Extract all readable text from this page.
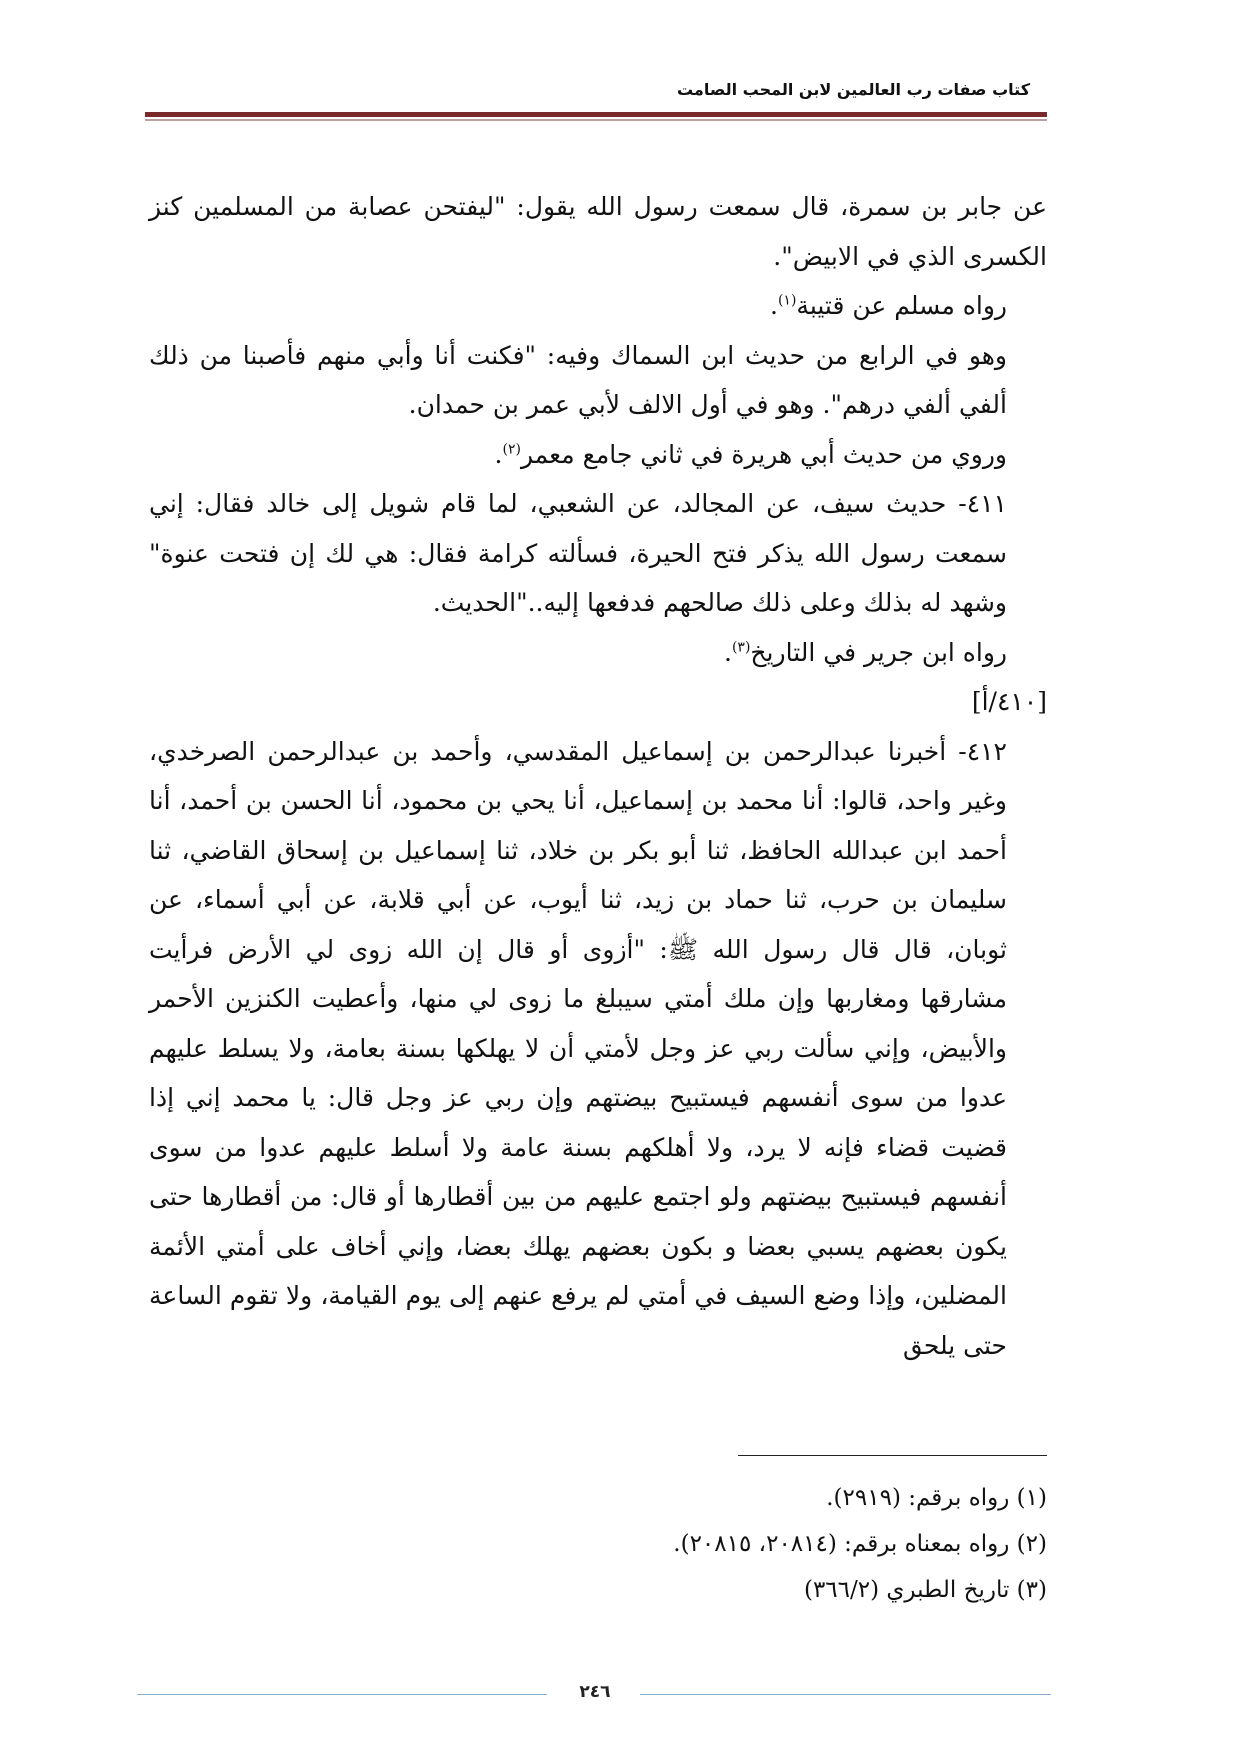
كتاب صفات رب العالمين لابن المحب الصامت

عن جابر بن سمرة، قال سمعت رسول الله يقول: "ليفتحن عصابة من المسلمين كنز الكسرى الذي في الابيض".

رواه مسلم عن قتيبة$^{(١)}$.

وهو في الرابع من حديث ابن السماك وفيه: "فكنت أنا وأبي منهم فأصبنا من ذلك ألفي ألفي درهم". وهو في أول الالف لأبي عمر بن حمدان.

وروي من حديث أبي هريرة في ثاني جامع معمر$^{(٢)}$.

٤١١- حديث سيف، عن المجالد، عن الشعبي، لما قام شويل إلى خالد فقال: إني سمعت رسول الله يذكر فتح الحيرة، فسألته كرامة فقال: هي لك إن فتحت عنوة" وشهد له بذلك وعلى ذلك صالحهم فدفعها إليه.."الحديث.

رواه ابن جرير في التاريخ$^{(٣)}$.

[٤١٠/أ]

٤١٢- أخبرنا عبدالرحمن بن إسماعيل المقدسي، وأحمد بن عبدالرحمن الصرخدي، وغير واحد، قالوا: أنا محمد بن إسماعيل، أنا يحي بن محمود، أنا الحسن بن أحمد، أنا أحمد ابن عبدالله الحافظ، ثنا أبو بكر بن خلاد، ثنا إسماعيل بن إسحاق القاضي، ثنا سليمان بن حرب، ثنا حماد بن زيد، ثنا أيوب، عن أبي قلابة، عن أبي أسماء، عن ثوبان، قال قال رسول الله ﷺ: "أزوى أو قال إن الله زوى لي الأرض فرأيت مشارقها ومغاربها وإن ملك أمتي سيبلغ ما زوى لي منها، وأعطيت الكنزين الأحمر والأبيض، وإني سألت ربي عز وجل لأمتي أن لا يهلكها بسنة بعامة، ولا يسلط عليهم عدوا من سوى أنفسهم فيستبيح بيضتهم وإن ربي عز وجل قال: يا محمد إني إذا قضيت قضاء فإنه لا يرد، ولا أهلكهم بسنة عامة ولا أسلط عليهم عدوا من سوى أنفسهم فيستبيح بيضتهم ولو اجتمع عليهم من بين أقطارها أو قال: من أقطارها حتى يكون بعضهم يسبي بعضا و بكون بعضهم يهلك بعضا، وإني أخاف على أمتي الأئمة المضلين، وإذا وضع السيف في أمتي لم يرفع عنهم إلى يوم القيامة، ولا تقوم الساعة حتى يلحق

(١) رواه برقم: (٢٩١٩).
(٢) رواه بمعناه برقم: (٢٠٨١٤، ٢٠٨١٥).
(٣) تاريخ الطبري (٣٦٦/٢)
٢٤٦
